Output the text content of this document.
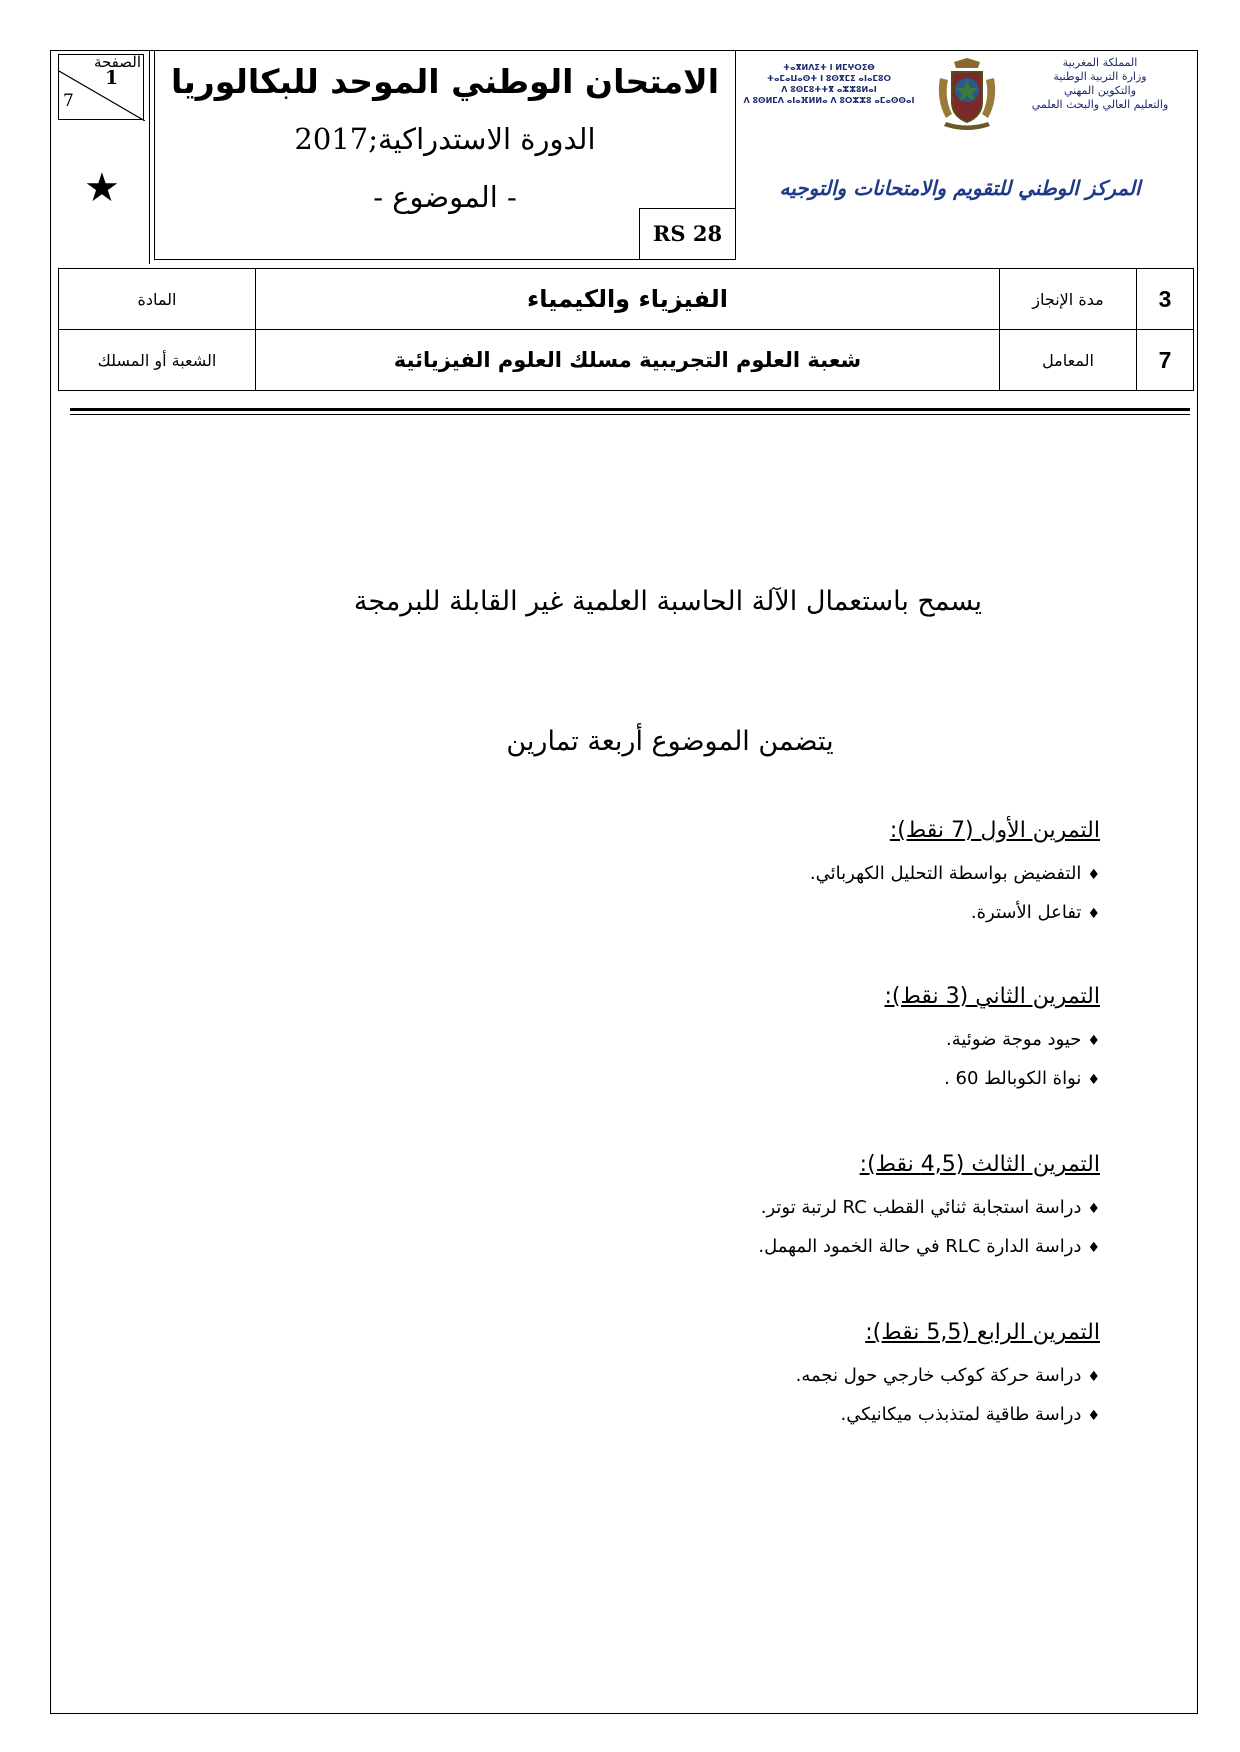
الصفحة
1
7
★
الامتحان الوطني الموحد للبكالوريا
الدورة الاستدراكية;2017
- الموضوع -
RS 28
ⵜⴰⴳⵍⴷⵉⵜ ⵏ ⵍⵎⵖⵔⵉⴱ
ⵜⴰⵎⴰⵡⴰⵙⵜ ⵏ ⵓⵙⴳⵎⵉ ⴰⵏⴰⵎⵓⵔ
ⴷ ⵓⵙⵎⵓⵜⵜⴳ ⴰⵣⵣⵓⵍⴰⵏ
ⴷ ⵓⵙⵍⵎⴷ ⴰⵏⴰⴼⵍⵍⴰ ⴷ ⵓⵔⵣⵣⵓ ⴰⵎⴰⵙⵙⴰⵏ
المملكة المغربية
وزارة التربية الوطنية
والتكوين المهني
والتعليم العالي والبحث العلمي
المركز الوطني للتقويم والامتحانات والتوجيه
المادة	الفيزياء والكيمياء	مدة الإنجاز	3
الشعبة أو المسلك	شعبة العلوم التجريبية مسلك العلوم الفيزيائية	المعامل	7
يسمح باستعمال الآلة الحاسبة العلمية غير القابلة للبرمجة
يتضمن الموضوع أربعة تمارين
التمرين الأول (7 نقط):
♦التفضيض بواسطة التحليل الكهربائي.
♦تفاعل الأسترة.
التمرين الثاني (3 نقط):
♦حيود موجة ضوئية.
♦نواة الكوبالط 60 .
التمرين الثالث (4,5 نقط):
♦دراسة استجابة ثنائي القطب RC لرتبة توتر.
♦دراسة الدارة RLC في حالة الخمود المهمل.
التمرين الرابع (5,5 نقط):
♦دراسة حركة كوكب خارجي حول نجمه.
♦دراسة طاقية لمتذبذب ميكانيكي.
